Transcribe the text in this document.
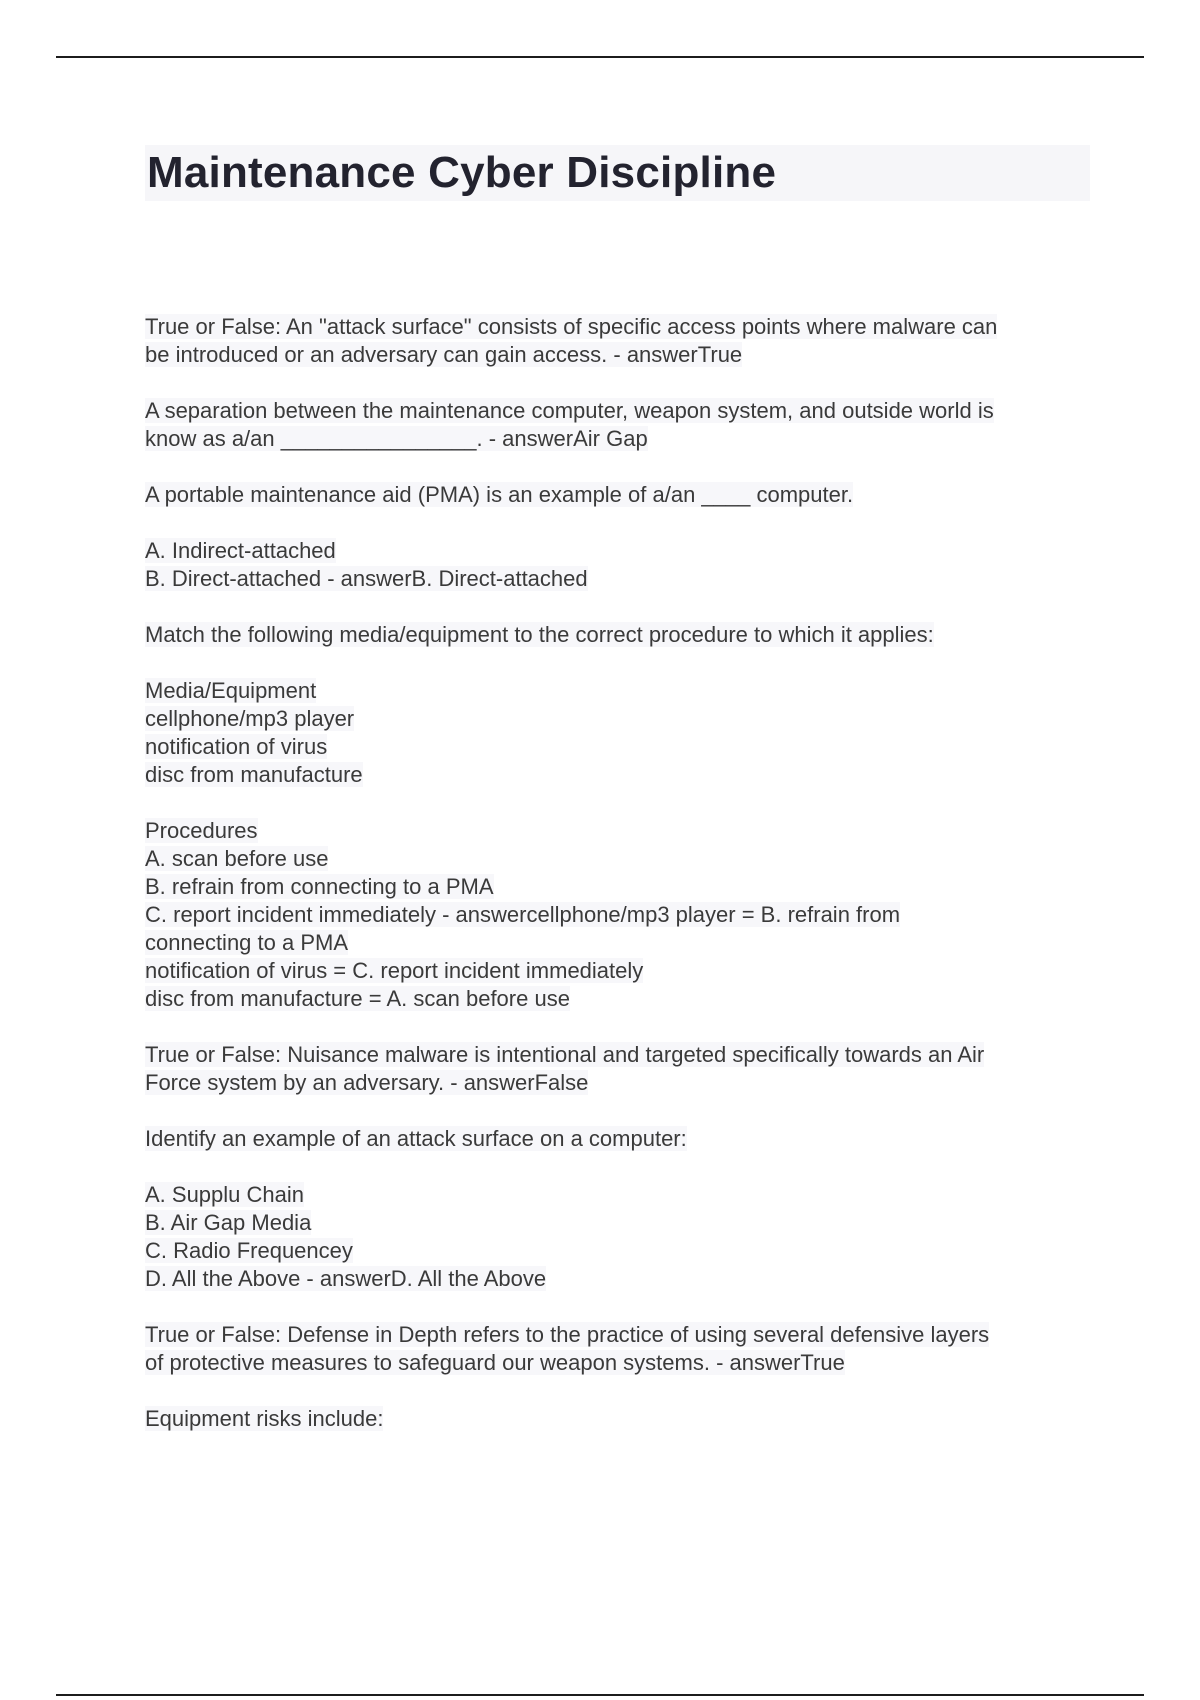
Maintenance Cyber Discipline
True or False: An "attack surface" consists of specific access points where malware can
be introduced or an adversary can gain access. - answerTrue
A separation between the maintenance computer, weapon system, and outside world is
know as a/an ________________. - answerAir Gap
A portable maintenance aid (PMA) is an example of a/an ____ computer.
A. Indirect-attached
B. Direct-attached - answerB. Direct-attached
Match the following media/equipment to the correct procedure to which it applies:
Media/Equipment
cellphone/mp3 player
notification of virus
disc from manufacture
Procedures
A. scan before use
B. refrain from connecting to a PMA
C. report incident immediately - answercellphone/mp3 player = B. refrain from
connecting to a PMA
notification of virus = C. report incident immediately
disc from manufacture = A. scan before use
True or False: Nuisance malware is intentional and targeted specifically towards an Air
Force system by an adversary. - answerFalse
Identify an example of an attack surface on a computer:
A. Supplu Chain
B. Air Gap Media
C. Radio Frequencey
D. All the Above - answerD. All the Above
True or False: Defense in Depth refers to the practice of using several defensive layers
of protective measures to safeguard our weapon systems. - answerTrue
Equipment risks include:
